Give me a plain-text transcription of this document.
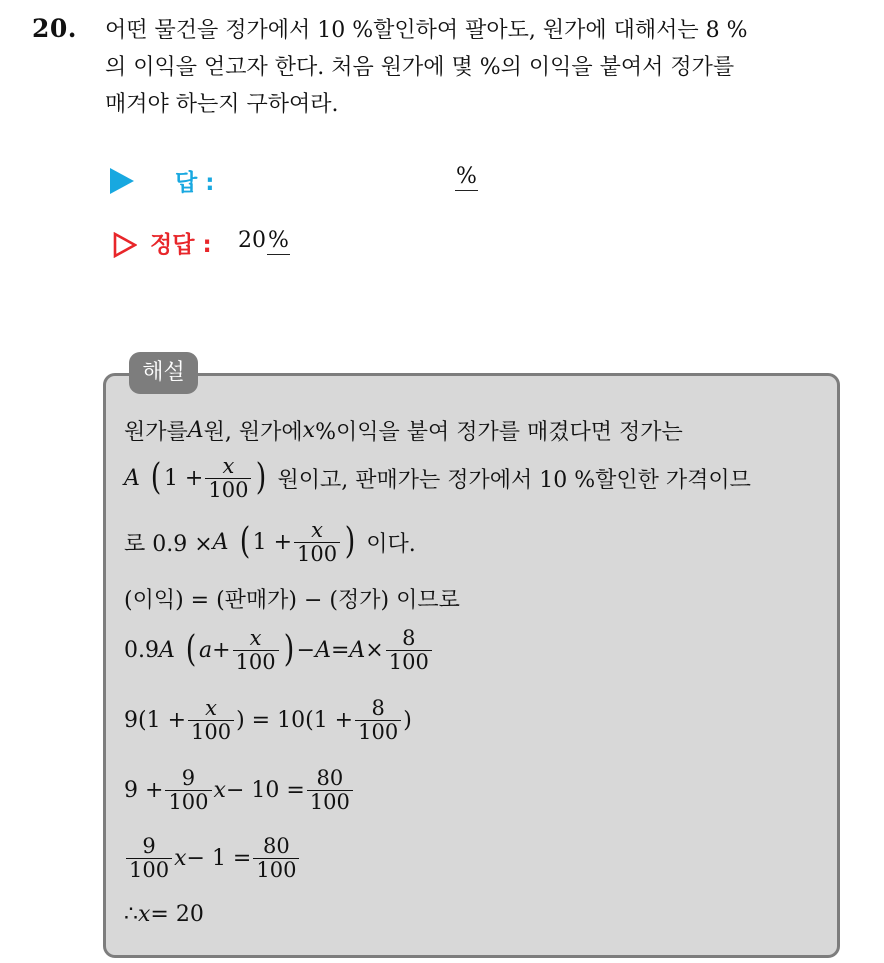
20. 어떤 물건을 정가에서 10 %할인하여 팔아도, 원가에 대해서는 8 %
의 이익을 얻고자 한다. 처음 원가에 몇 %의 이익을 붙여서 정가를
매겨야 하는지 구하여라.
답 :	%
정답 : 20%
해설
원가를 A 원, 원가에 x %이익을 붙여 정가를 매겼다면 정가는
A ( $1 + \frac{x}{100}$ ) 원이고, 판매가는 정가에서 10 %할인한 가격이므
로 0.9 × A ( $1 + \frac{x}{100}$ ) 이다.
(이익) = (판매가) − (정가) 이므로
0.9 A ( $a + \frac{x}{100}$ ) − $A = A \times \frac{8}{100}$
$9(1 + \frac{x}{100}$ ) = $10(1 + \frac{8}{100}$ )
$9 + \frac{9}{100}$ $x - 10 = \frac{80}{100}$
$\frac{9}{100}$ $x - 1 = \frac{80}{100}$
∴ x = 20
